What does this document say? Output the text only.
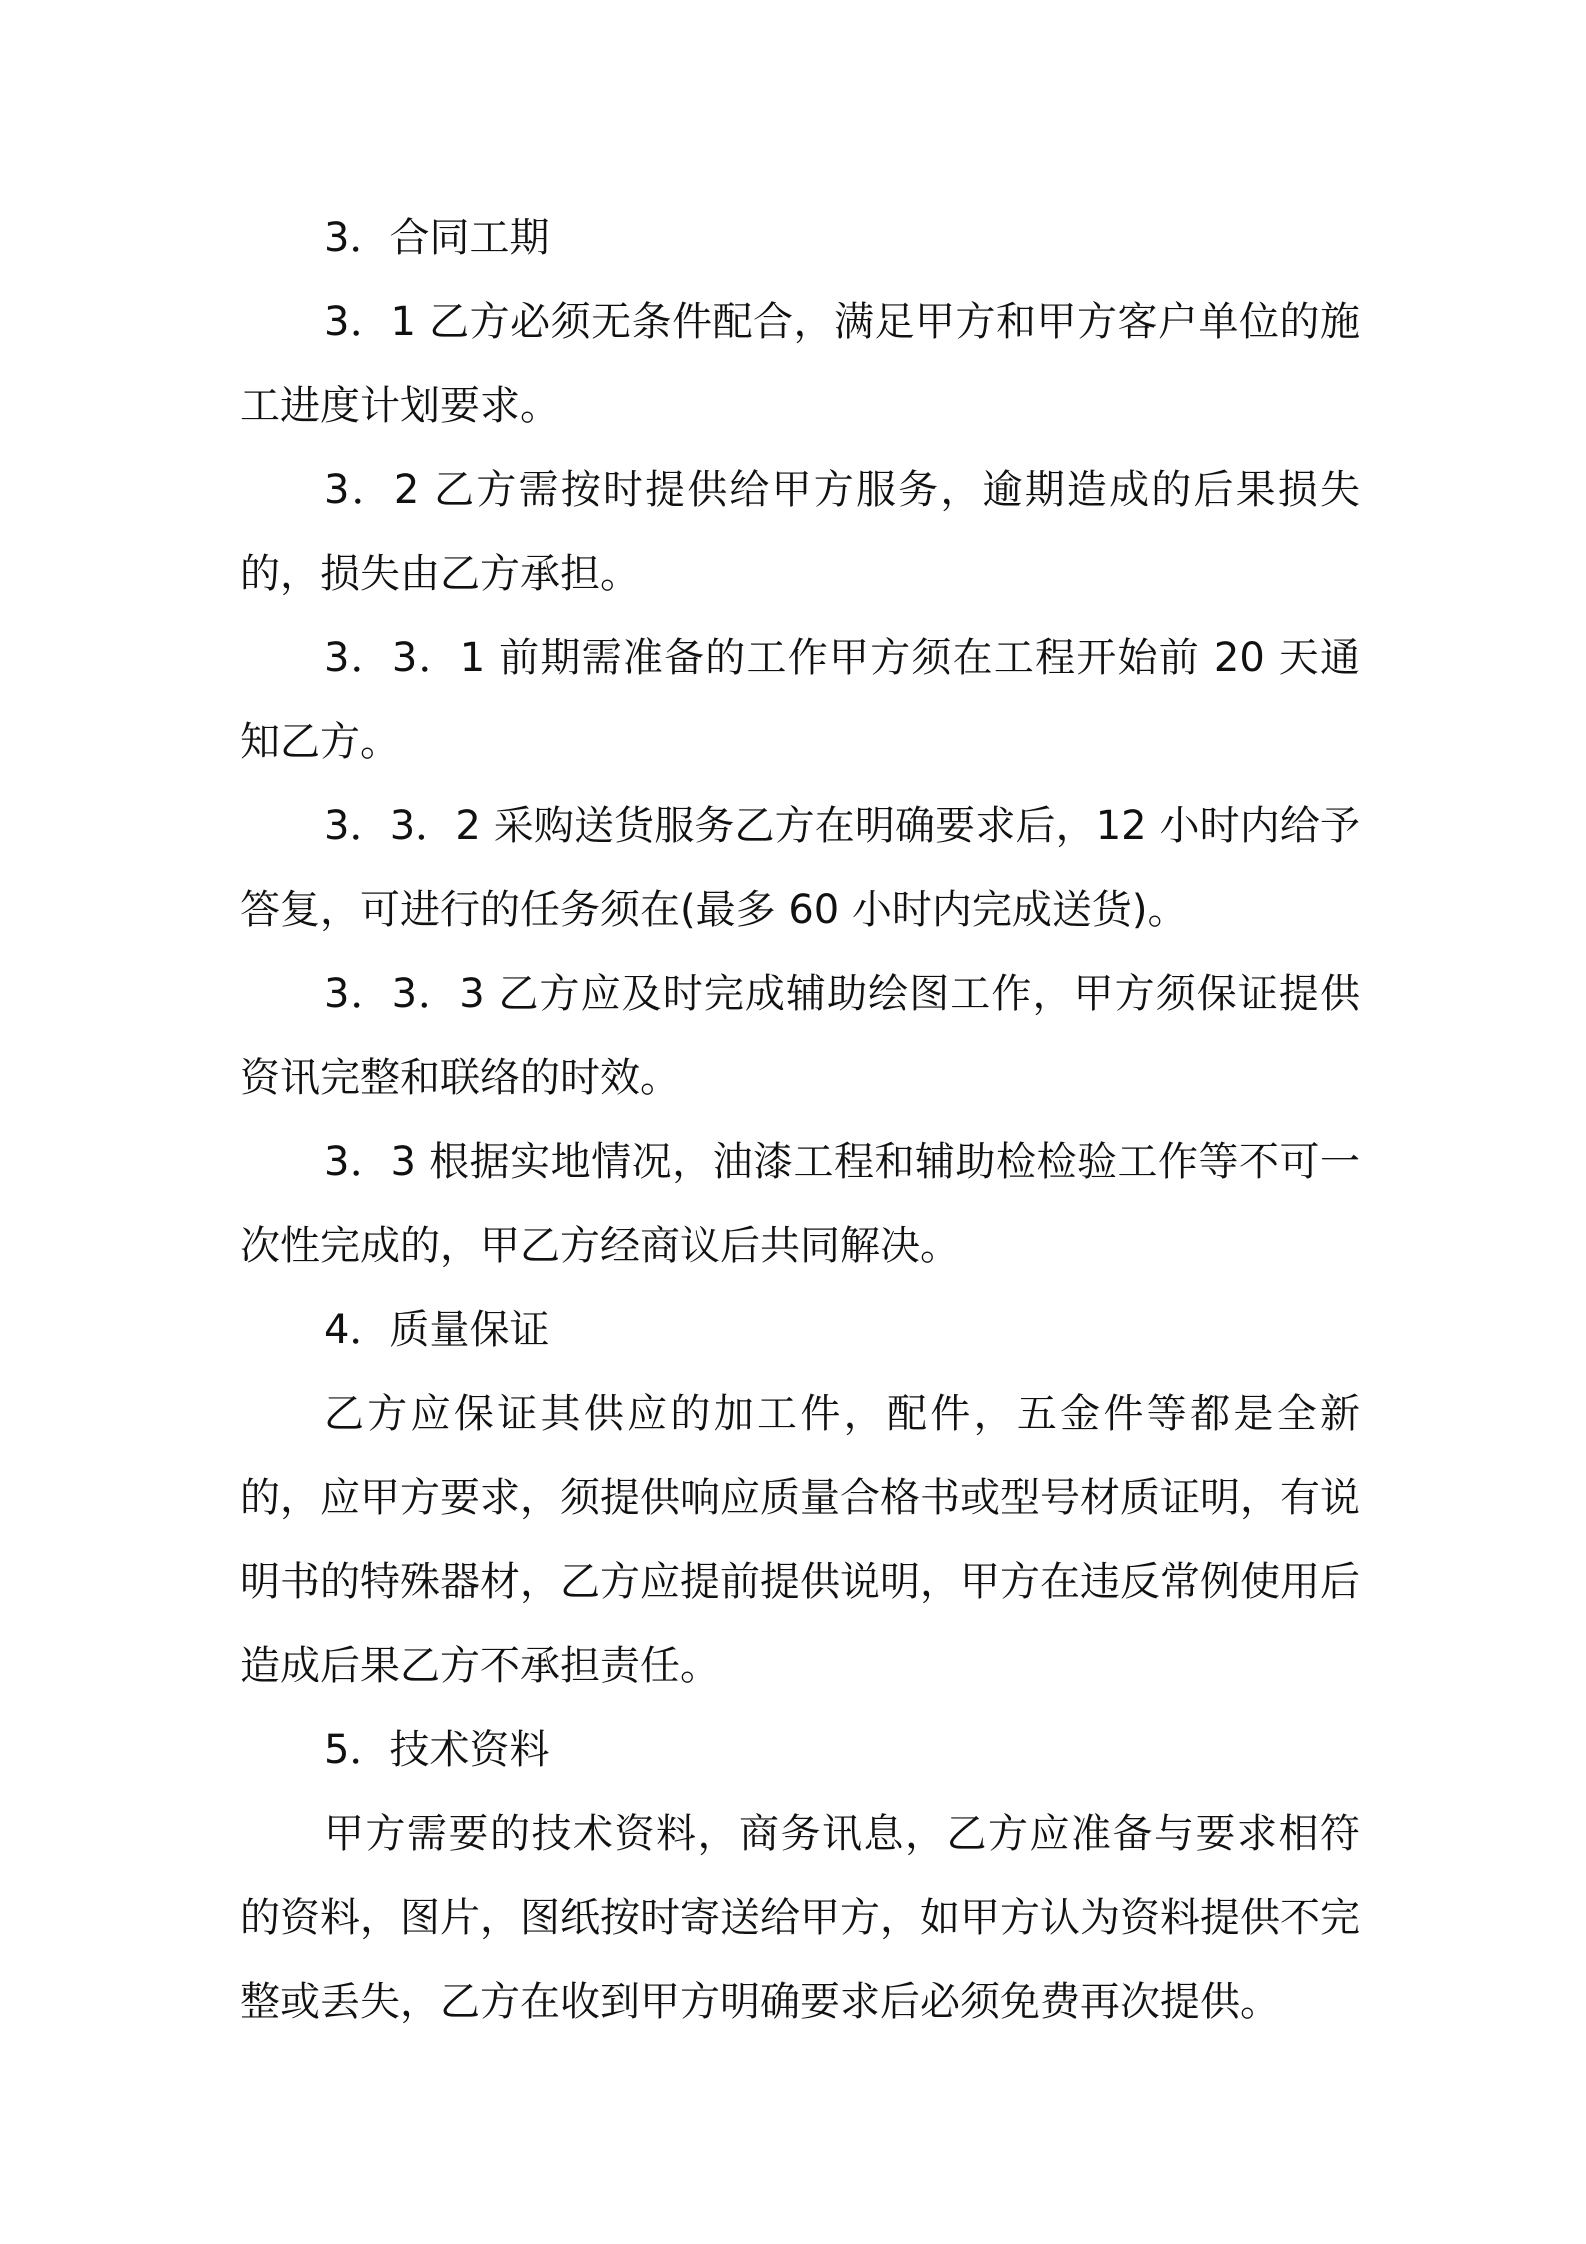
3．合同工期

3．1 乙方必须无条件配合，满足甲方和甲方客户单位的施工进度计划要求。

3．2 乙方需按时提供给甲方服务，逾期造成的后果损失的，损失由乙方承担。

3．3．1 前期需准备的工作甲方须在工程开始前 20 天通知乙方。

3．3．2 采购送货服务乙方在明确要求后，12 小时内给予答复，可进行的任务须在(最多 60 小时内完成送货)。

3．3．3 乙方应及时完成辅助绘图工作，甲方须保证提供资讯完整和联络的时效。

3．3 根据实地情况，油漆工程和辅助检检验工作等不可一次性完成的，甲乙方经商议后共同解决。

4．质量保证

乙方应保证其供应的加工件，配件，五金件等都是全新的，应甲方要求，须提供响应质量合格书或型号材质证明，有说明书的特殊器材，乙方应提前提供说明，甲方在违反常例使用后造成后果乙方不承担责任。

5．技术资料

甲方需要的技术资料，商务讯息，乙方应准备与要求相符的资料，图片，图纸按时寄送给甲方，如甲方认为资料提供不完整或丢失，乙方在收到甲方明确要求后必须免费再次提供。
